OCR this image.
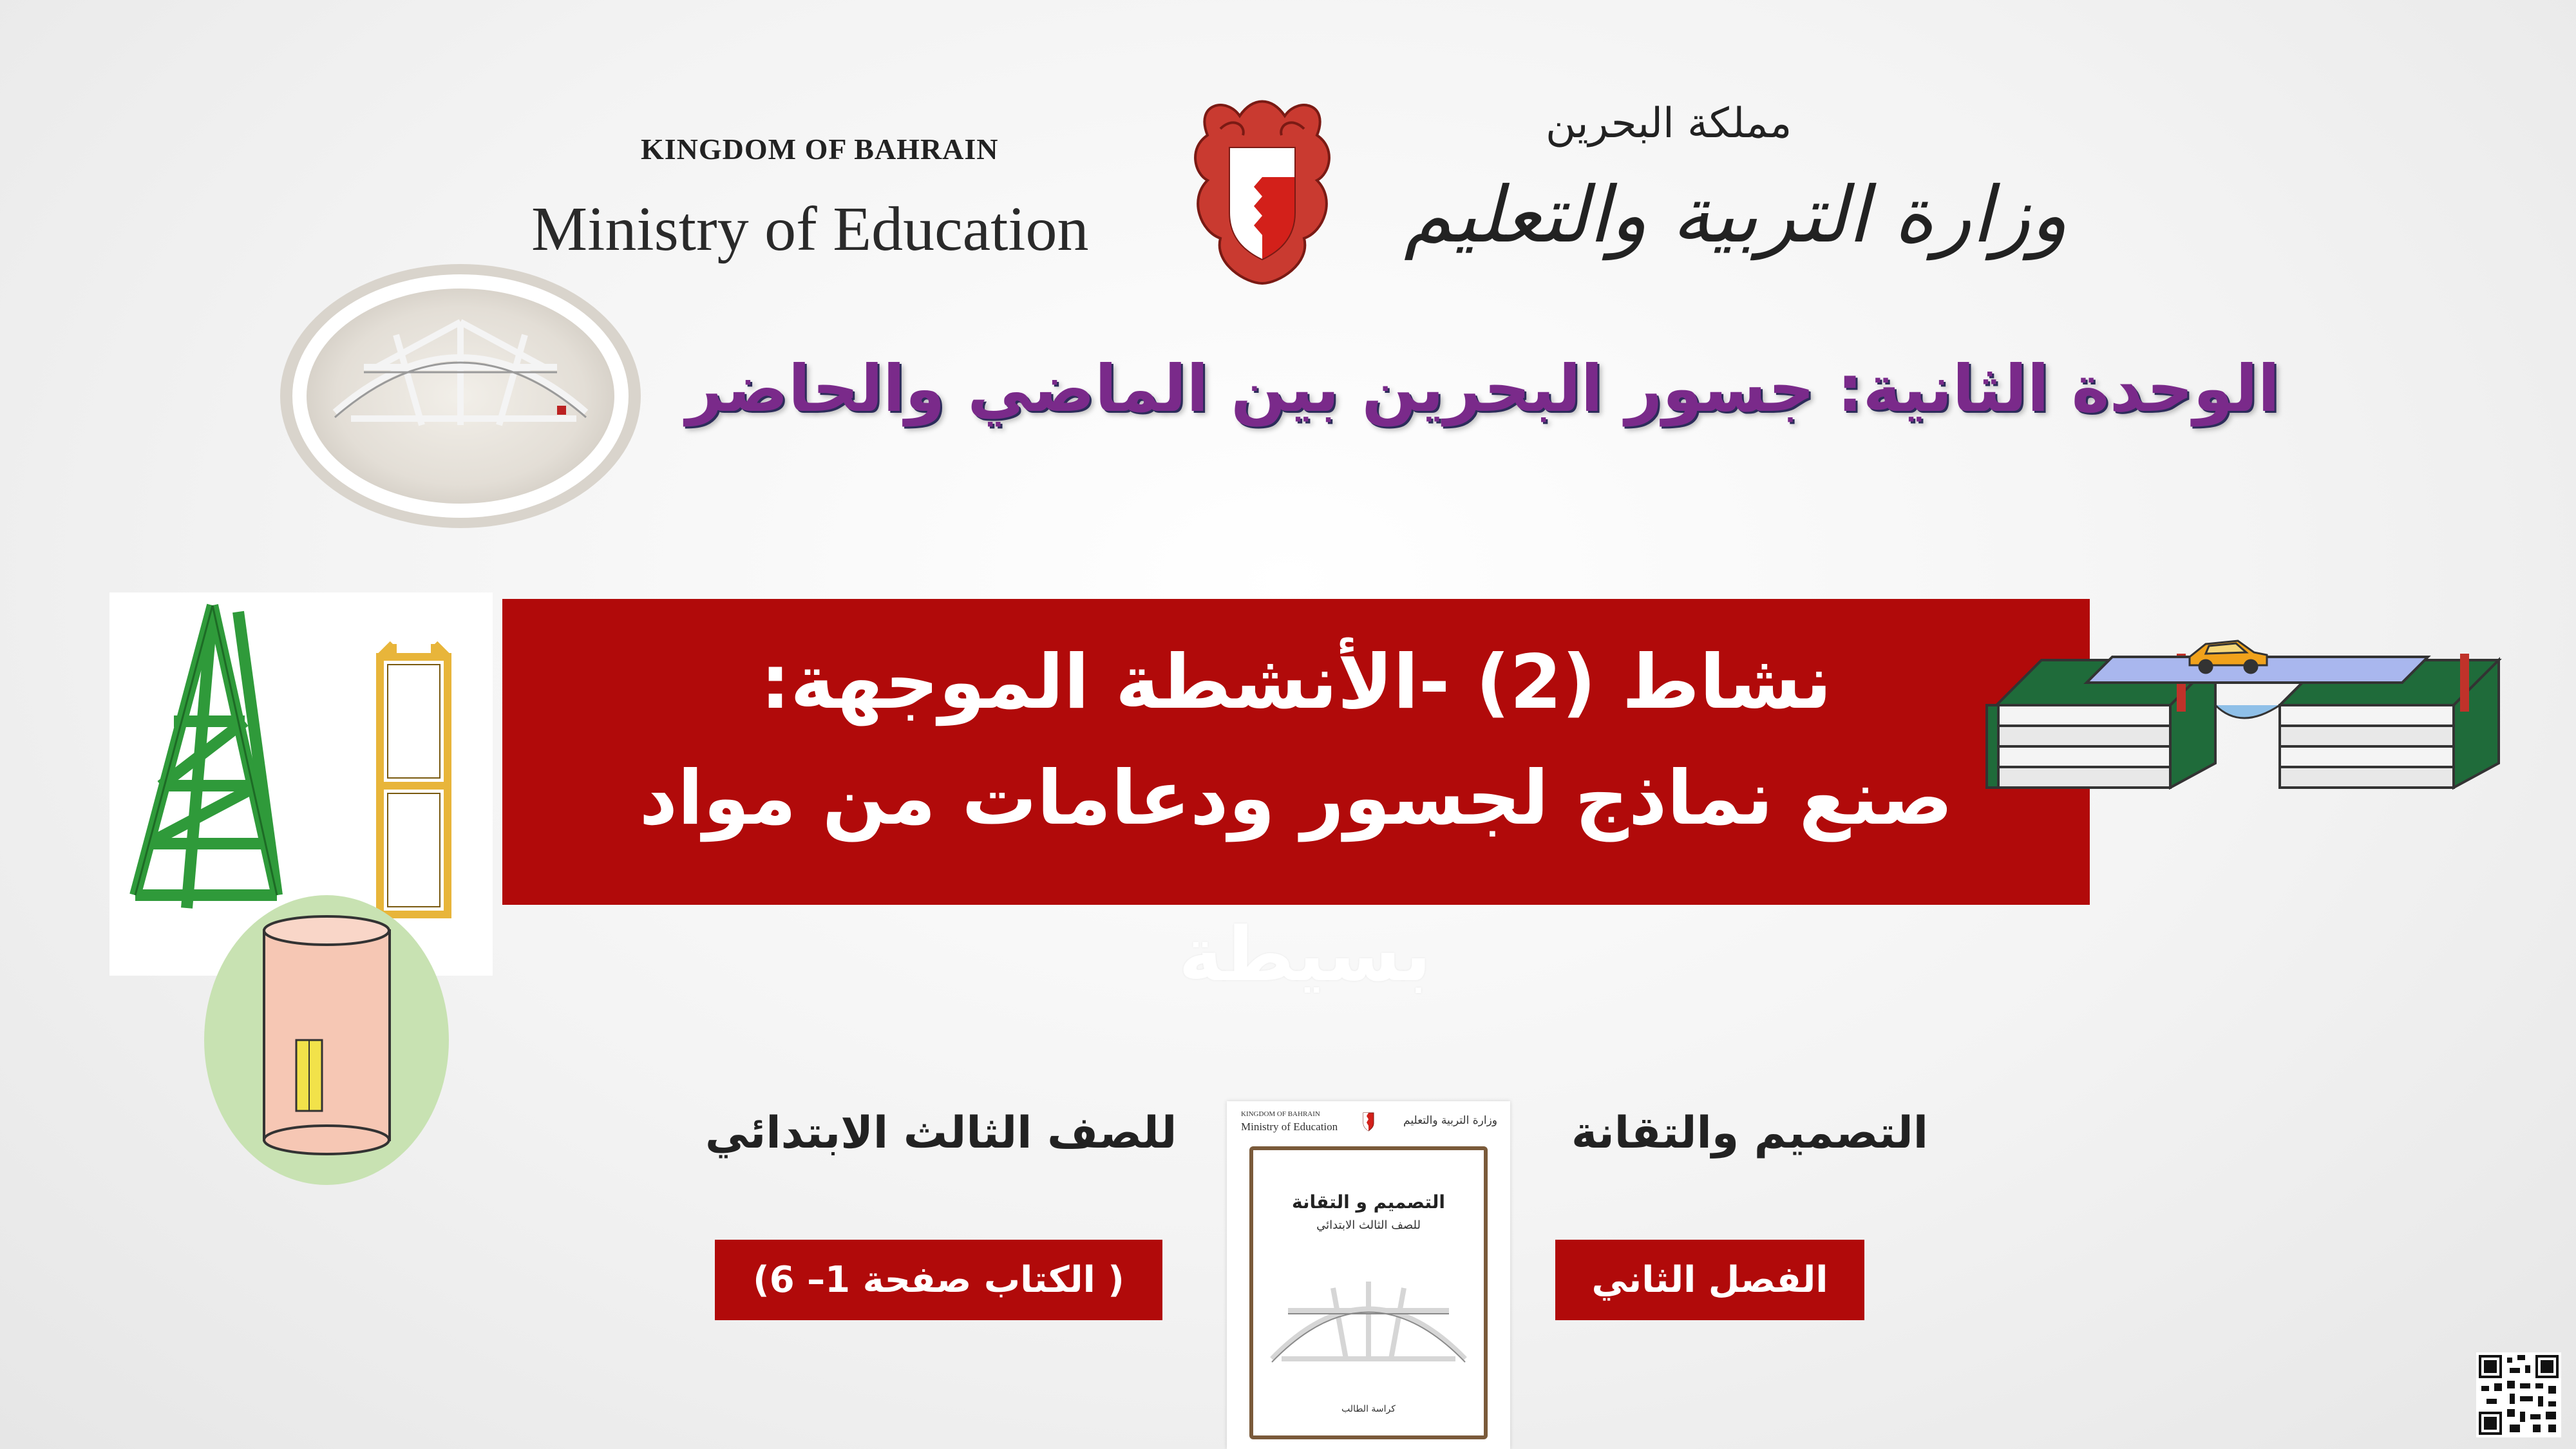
KINGDOM OF BAHRAIN
Ministry of Education
مملكة البحرين
وزارة التربية والتعليم
الوحدة الثانية: جسور البحرين بين الماضي والحاضر
نشاط (2) -الأنشطة الموجهة:
صنع نماذج لجسور ودعامات من مواد
بسيطة
التصميم والتقانة
للصف الثالث الابتدائي
الفصل الثاني
( الكتاب صفحة 1– 6)
KINGDOM OF BAHRAIN
Ministry of Education	وزارة التربية والتعليم
التصميم و التقانة
للصف الثالث الابتدائي
كراسة الطالب
